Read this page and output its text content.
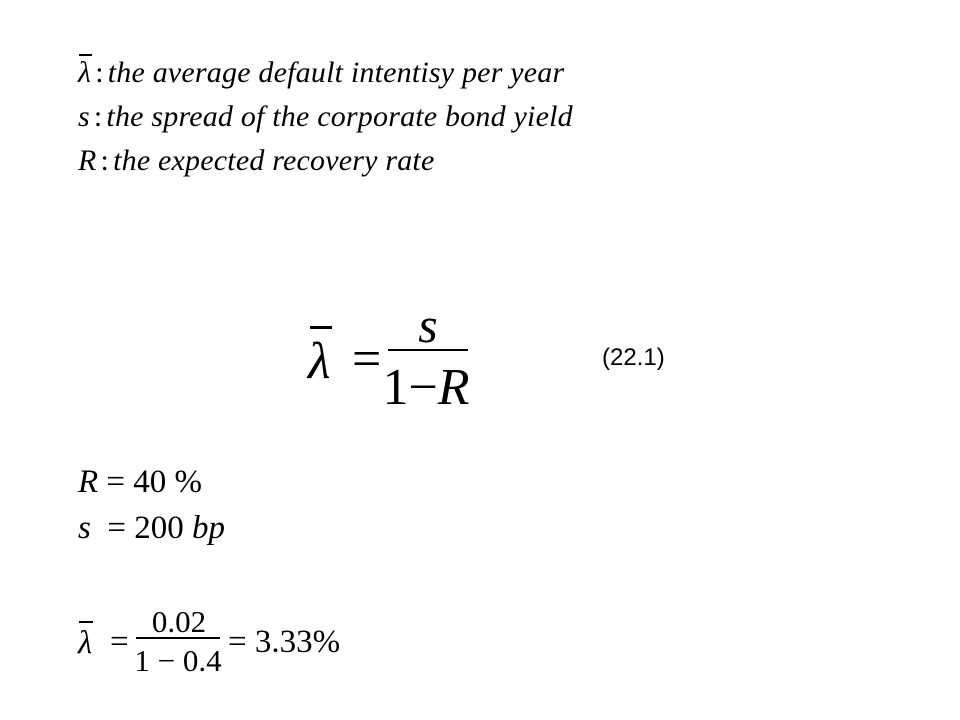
λ : the average default intentisy per year
s : the spread of the corporate bond yield
R : the expected recovery rate
λ =
s
1−R
(22.1)
R = 40 %
s = 200 bp
λ =
0.02
1 − 0.4
= 3.33%
